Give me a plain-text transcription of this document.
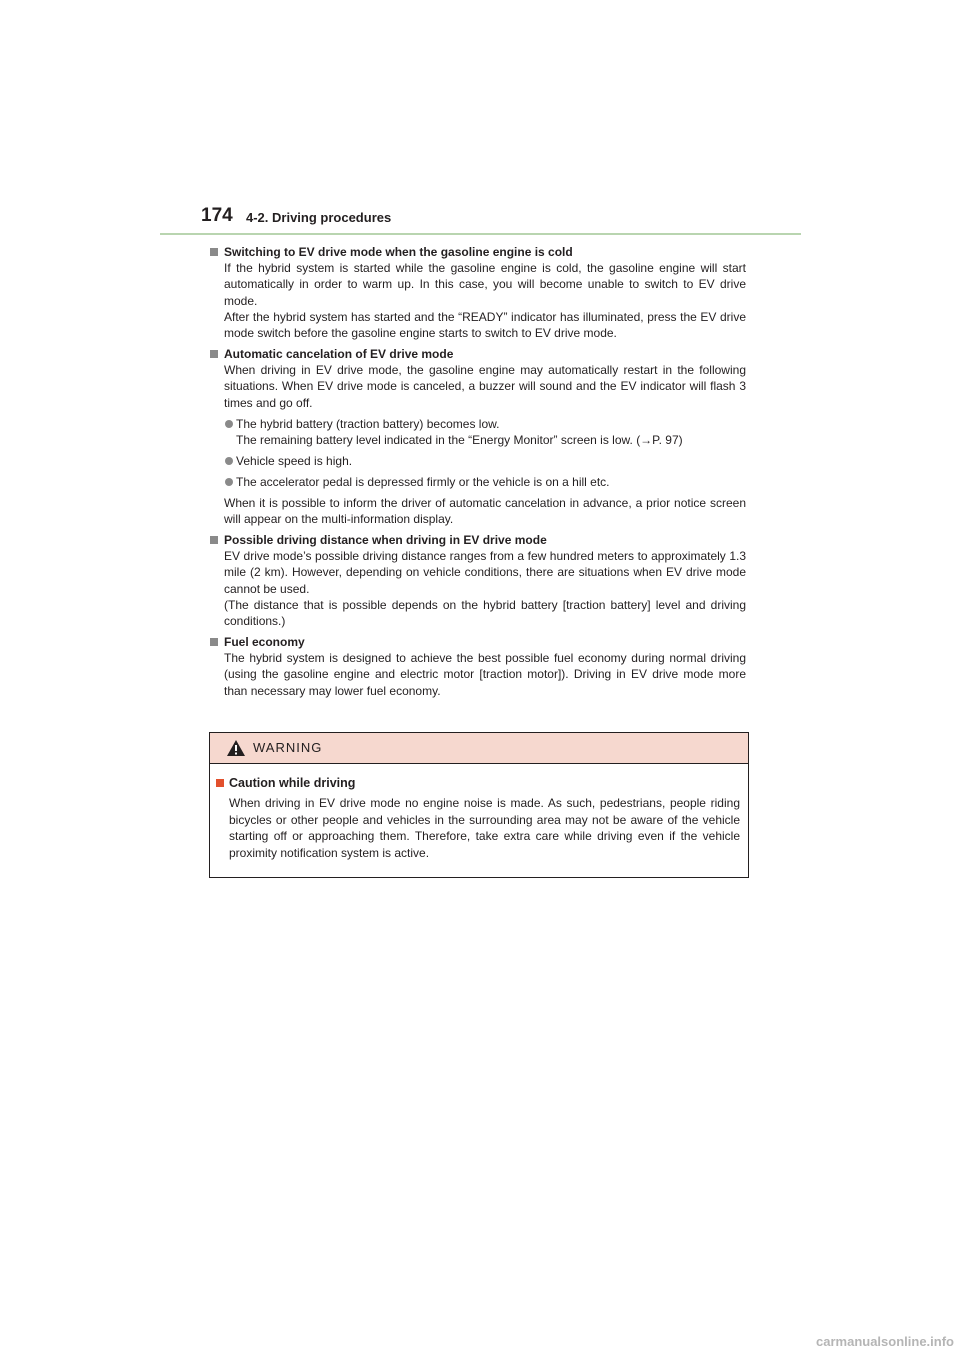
174 4-2. Driving procedures
Switching to EV drive mode when the gasoline engine is cold
If the hybrid system is started while the gasoline engine is cold, the gasoline engine will start automatically in order to warm up. In this case, you will become unable to switch to EV drive mode.
After the hybrid system has started and the “READY” indicator has illuminated, press the EV drive mode switch before the gasoline engine starts to switch to EV drive mode.
Automatic cancelation of EV drive mode
When driving in EV drive mode, the gasoline engine may automatically restart in the following situations. When EV drive mode is canceled, a buzzer will sound and the EV indicator will flash 3 times and go off.
The hybrid battery (traction battery) becomes low.
The remaining battery level indicated in the “Energy Monitor” screen is low. (→P. 97)
Vehicle speed is high.
The accelerator pedal is depressed firmly or the vehicle is on a hill etc.
When it is possible to inform the driver of automatic cancelation in advance, a prior notice screen will appear on the multi-information display.
Possible driving distance when driving in EV drive mode
EV drive mode’s possible driving distance ranges from a few hundred meters to approximately 1.3 mile (2 km). However, depending on vehicle conditions, there are situations when EV drive mode cannot be used.
(The distance that is possible depends on the hybrid battery [traction battery] level and driving conditions.)
Fuel economy
The hybrid system is designed to achieve the best possible fuel economy during normal driving (using the gasoline engine and electric motor [traction motor]). Driving in EV drive mode more than necessary may lower fuel economy.
WARNING
Caution while driving
When driving in EV drive mode no engine noise is made. As such, pedestrians, people riding bicycles or other people and vehicles in the surrounding area may not be aware of the vehicle starting off or approaching them. Therefore, take extra care while driving even if the vehicle proximity notification system is active.
carmanualsonline.info
